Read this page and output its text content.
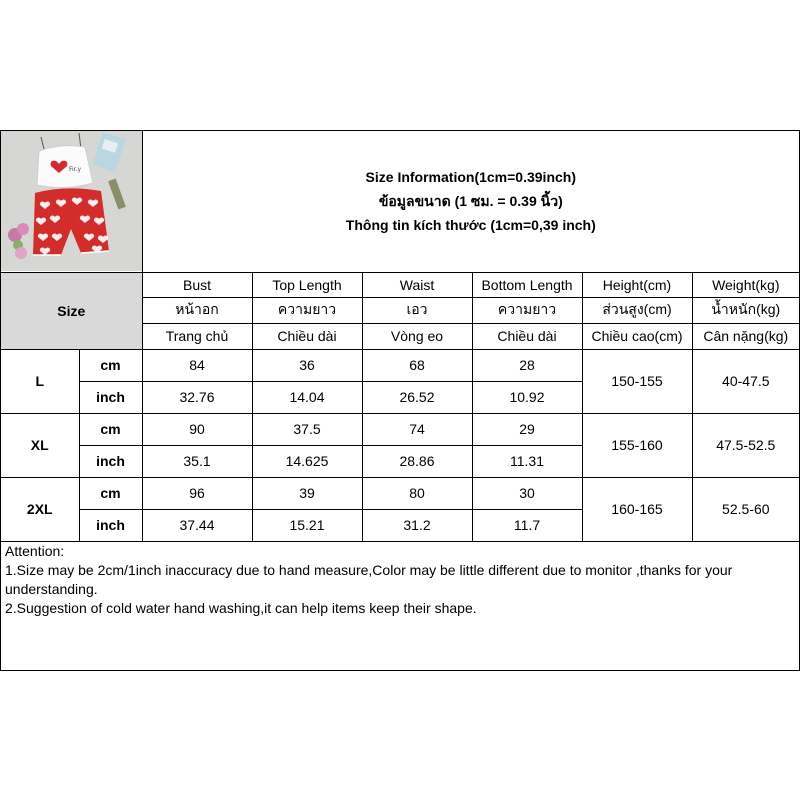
Fir.y		Size Information(1cm=0.39inch)
ข้อมูลขนาด (1 ซม. = 0.39 นิ้ว)
Thông tin kích thước (1cm=0,39 inch)					

Size		Bust	Top Length	Waist	Bottom Length	Height(cm)	Weight(kg)
		หน้าอก	ความยาว	เอว	ความยาว	ส่วนสูง(cm)	น้ำหนัก(kg)
		Trang chủ	Chiều dài	Vòng eo	Chiều dài	Chiều cao(cm)	Cân nặng(kg)
L	cm	84	36	68	28	150-155	40-47.5
	inch	32.76	14.04	26.52	10.92		
XL	cm	90	37.5	74	29	155-160	47.5-52.5
	inch	35.1	14.625	28.86	11.31		
2XL	cm	96	39	80	30	160-165	52.5-60
	inch	37.44	15.21	31.2	11.7		
Attention:
1.Size may be 2cm/1inch inaccuracy due to hand measure,Color may be little different due to monitor ,thanks for your understanding.
2.Suggestion of cold water hand washing,it can help items keep their shape.
